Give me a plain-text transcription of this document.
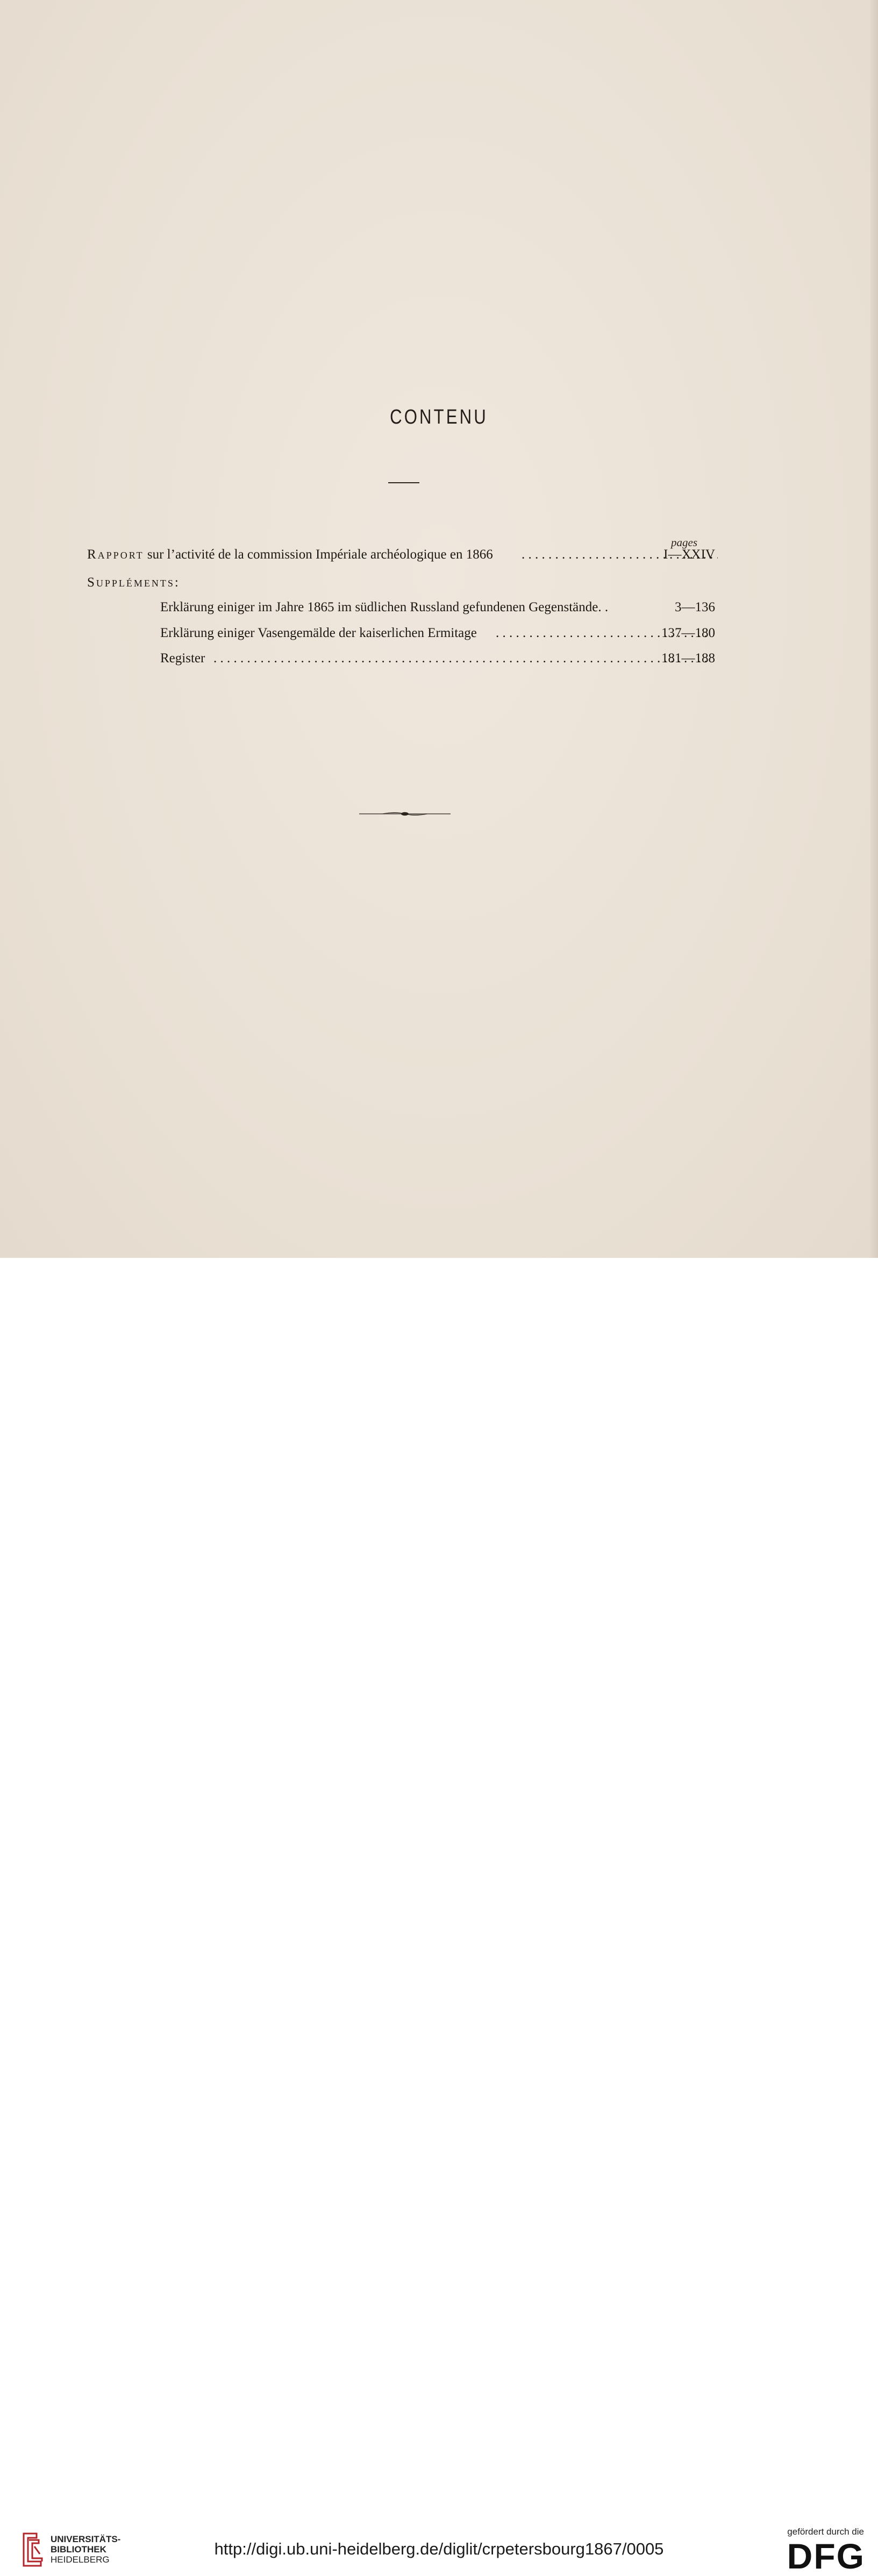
CONTENU
pages
Rapport sur l’activité de la commission Impériale archéologique en 1866 . . .	I—XXIV
Suppléments:
Erklärung einiger im Jahre 1865 im südlichen Russland gefundenen Gegenstände. .	3—136
Erklärung einiger Vasengemälde der kaiserlichen Ermitage . . .	137—180
Register . . .	181—188
UNIVERSITÄTS-
BIBLIOTHEK
HEIDELBERG
http://digi.ub.uni-heidelberg.de/diglit/crpetersbourg1867/0005
gefördert durch die
DFG
